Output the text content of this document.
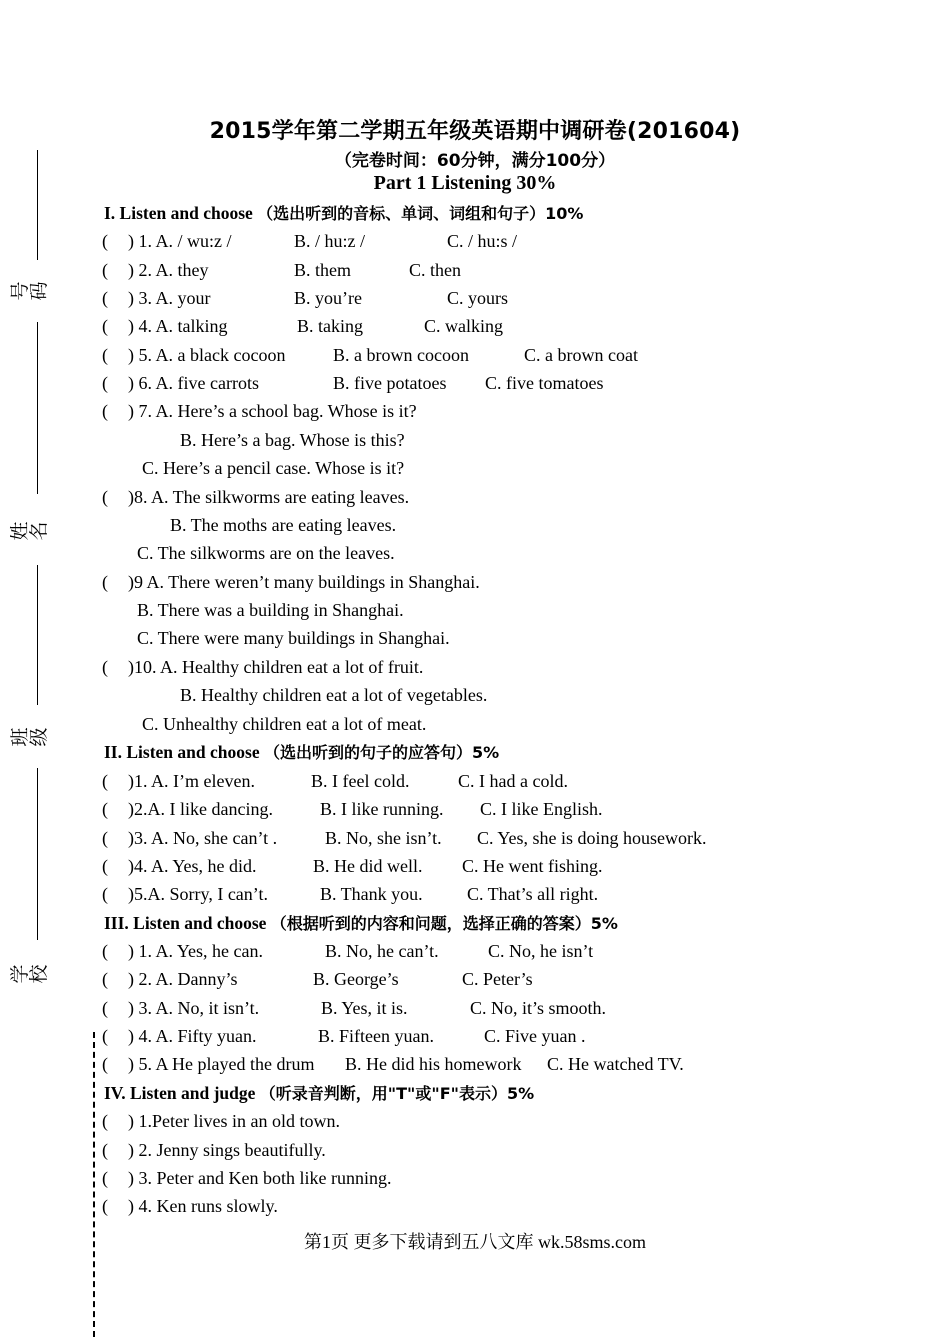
号码
姓名
班级
学校
2015学年第二学期五年级英语期中调研卷(201604)
（完卷时间：60分钟，满分100分）
Part 1 Listening 30%
I. Listen and choose （选出听到的音标、单词、词组和句子）10%
( ) 1. A. / wu:z /	B. / hu:z /	C. / hu:s /
( ) 2. A. they	B. them	C. then
( ) 3. A. your	B. you’re	C. yours
( ) 4. A. talking	B. taking	C. walking
( ) 5. A. a black cocoon	B. a brown cocoon	C. a brown coat
( ) 6. A. five carrots	B. five potatoes C. five tomatoes
( ) 7. A. Here’s a school bag. Whose is it?
B. Here’s a bag. Whose is this?
C. Here’s a pencil case. Whose is it?
( )8. A. The silkworms are eating leaves.
B. The moths are eating leaves.
C. The silkworms are on the leaves.
( )9 A. There weren’t many buildings in Shanghai.
B. There was a building in Shanghai.
C. There were many buildings in Shanghai.
( )10. A. Healthy children eat a lot of fruit.
B. Healthy children eat a lot of vegetables.
C. Unhealthy children eat a lot of meat.
II. Listen and choose （选出听到的句子的应答句）5%
( )1. A. I’m eleven.	B. I feel cold.	C. I had a cold.
( )2.A. I like dancing.	B. I like running. C. I like English.
( )3. A. No, she can’t .	B. No, she isn’t. C. Yes, she is doing housework.
( )4. A. Yes, he did.	B. He did well. C. He went fishing.
( )5.A. Sorry, I can’t.	B. Thank you. C. That’s all right.
III. Listen and choose （根据听到的内容和问题，选择正确的答案）5%
( ) 1. A. Yes, he can.	B. No, he can’t.	C. No, he isn’t
( ) 2. A. Danny’s	B. George’s	C. Peter’s
( ) 3. A. No, it isn’t.	B. Yes, it is.	C. No, it’s smooth.
( ) 4. A. Fifty yuan.	B. Fifteen yuan.	C. Five yuan .
( ) 5. A He played the drum B. He did his homework C. He watched TV.
IV. Listen and judge （听录音判断，用"T"或"F"表示）5%
( ) 1.Peter lives in an old town.
( ) 2. Jenny sings beautifully.
( ) 3. Peter and Ken both like running.
( ) 4. Ken runs slowly.
第1页 更多下载请到五八文库 wk.58sms.com
